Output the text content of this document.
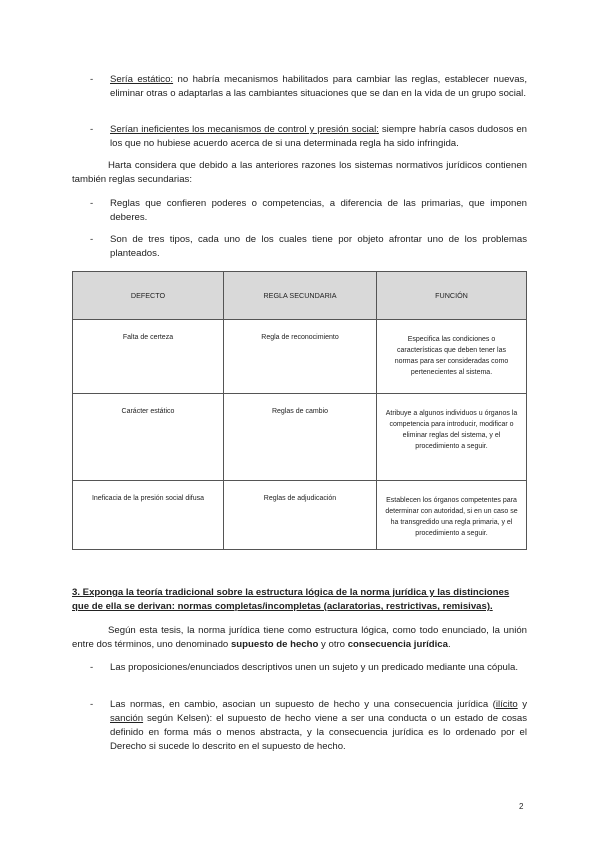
- Sería estático: no habría mecanismos habilitados para cambiar las reglas, establecer nuevas, eliminar otras o adaptarlas a las cambiantes situaciones que se dan en la vida de un grupo social.
- Serían ineficientes los mecanismos de control y presión social: siempre habría casos dudosos en los que no hubiese acuerdo acerca de si una determinada regla ha sido infringida.

Harta considera que debido a las anteriores razones los sistemas normativos jurídicos contienen también reglas secundarias:

- Reglas que confieren poderes o competencias, a diferencia de las primarias, que imponen deberes.
- Son de tres tipos, cada uno de los cuales tiene por objeto afrontar uno de los problemas planteados.
DEFECTO	REGLA SECUNDARIA	FUNCIÓN
Falta de certeza	Regla de reconocimiento	Especifica las condiciones o características que deben tener las normas para ser consideradas como pertenecientes al sistema.
Carácter estático	Reglas de cambio	Atribuye a algunos individuos u órganos la competencia para introducir, modificar o eliminar reglas del sistema, y el procedimiento a seguir.
Ineficacia de la presión social difusa	Reglas de adjudicación	Establecen los órganos competentes para determinar con autoridad, si en un caso se ha transgredido una regla primaria, y el procedimiento a seguir.

3. Exponga la teoría tradicional sobre la estructura lógica de la norma jurídica y las distinciones que de ella se derivan: normas completas/incompletas (aclaratorias, restrictivas, remisivas).

Según esta tesis, la norma jurídica tiene como estructura lógica, como todo enunciado, la unión entre dos términos, uno denominado supuesto de hecho y otro consecuencia jurídica.

- Las proposiciones/enunciados descriptivos unen un sujeto y un predicado mediante una cópula.
- Las normas, en cambio, asocian un supuesto de hecho y una consecuencia jurídica (ilícito y sanción según Kelsen): el supuesto de hecho viene a ser una conducta o un estado de cosas definido en forma más o menos abstracta, y la consecuencia jurídica es lo ordenado por el Derecho si sucede lo descrito en el supuesto de hecho.
2
